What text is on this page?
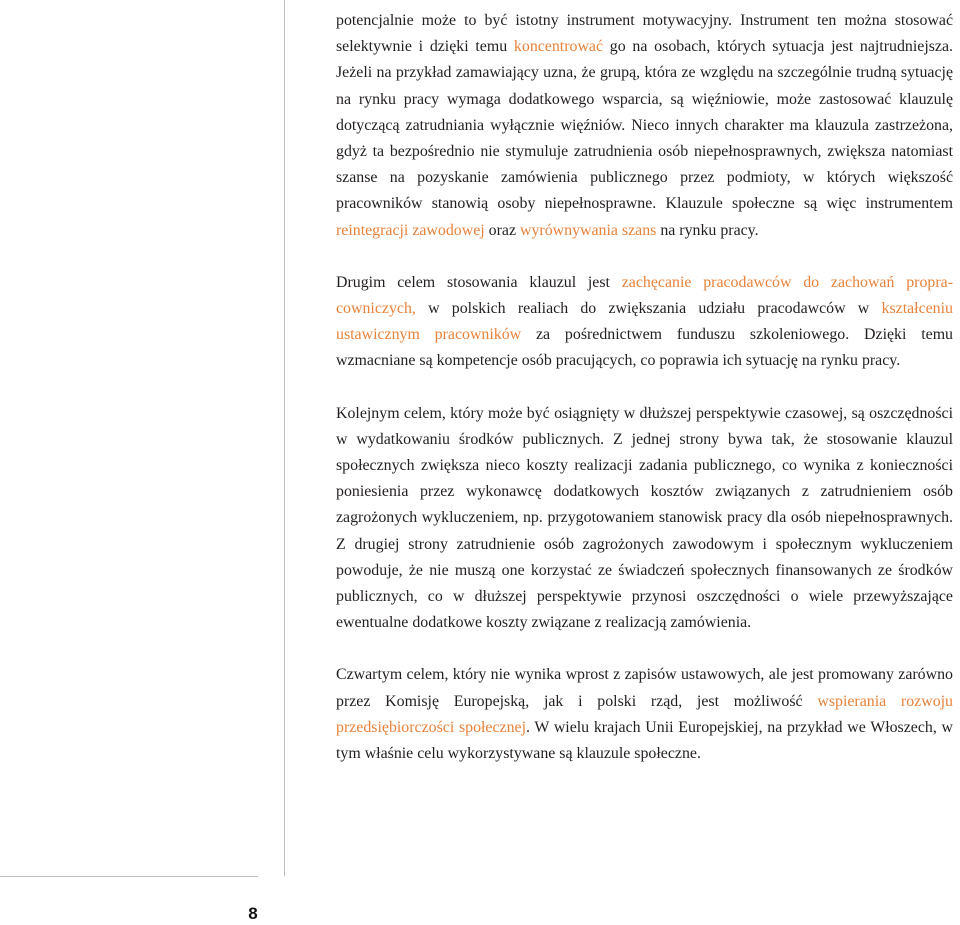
potencjalnie może to być istotny instrument motywacyjny. Instrument ten można stosować selektywnie i dzięki temu koncentrować go na osobach, których sytuacja jest najtrudniejsza. Jeżeli na przykład zamawiający uzna, że grupą, która ze względu na szczególnie trudną sytuację na rynku pracy wymaga dodatkowego wsparcia, są więźniowie, może zastosować klauzulę dotyczącą zatrudniania wyłącznie więźniów. Nieco innych charakter ma klauzula zastrzeżona, gdyż ta bezpośrednio nie stymuluje zatrudnienia osób niepełnosprawnych, zwiększa natomiast szanse na pozyskanie zamówienia publicznego przez podmioty, w których większość pracowników stanowią osoby niepełnosprawne. Klauzule społeczne są więc instrumentem reintegracji zawodowej oraz wyrównywania szans na rynku pracy.

Drugim celem stosowania klauzul jest zachęcanie pracodawców do zachowań propracowniczych, w polskich realiach do zwiększania udziału pracodawców w kształceniu ustawicznym pracowników za pośrednictwem funduszu szkoleniowego. Dzięki temu wzmacniane są kompetencje osób pracujących, co poprawia ich sytuację na rynku pracy.

Kolejnym celem, który może być osiągnięty w dłuższej perspektywie czasowej, są oszczędności w wydatkowaniu środków publicznych. Z jednej strony bywa tak, że stosowanie klauzul społecznych zwiększa nieco koszty realizacji zadania publicznego, co wynika z konieczności poniesienia przez wykonawcę dodatkowych kosztów związanych z zatrudnieniem osób zagrożonych wykluczeniem, np. przygotowaniem stanowisk pracy dla osób niepełnosprawnych. Z drugiej strony zatrudnienie osób zagrożonych zawodowym i społecznym wykluczeniem powoduje, że nie muszą one korzystać ze świadczeń społecznych finansowanych ze środków publicznych, co w dłuższej perspektywie przynosi oszczędności o wiele przewyższające ewentualne dodatkowe koszty związane z realizacją zamówienia.

Czwartym celem, który nie wynika wprost z zapisów ustawowych, ale jest promowany zarówno przez Komisję Europejską, jak i polski rząd, jest możliwość wspierania rozwoju przedsiębiorczości społecznej. W wielu krajach Unii Europejskiej, na przykład we Włoszech, w tym właśnie celu wykorzystywane są klauzule społeczne.

8
